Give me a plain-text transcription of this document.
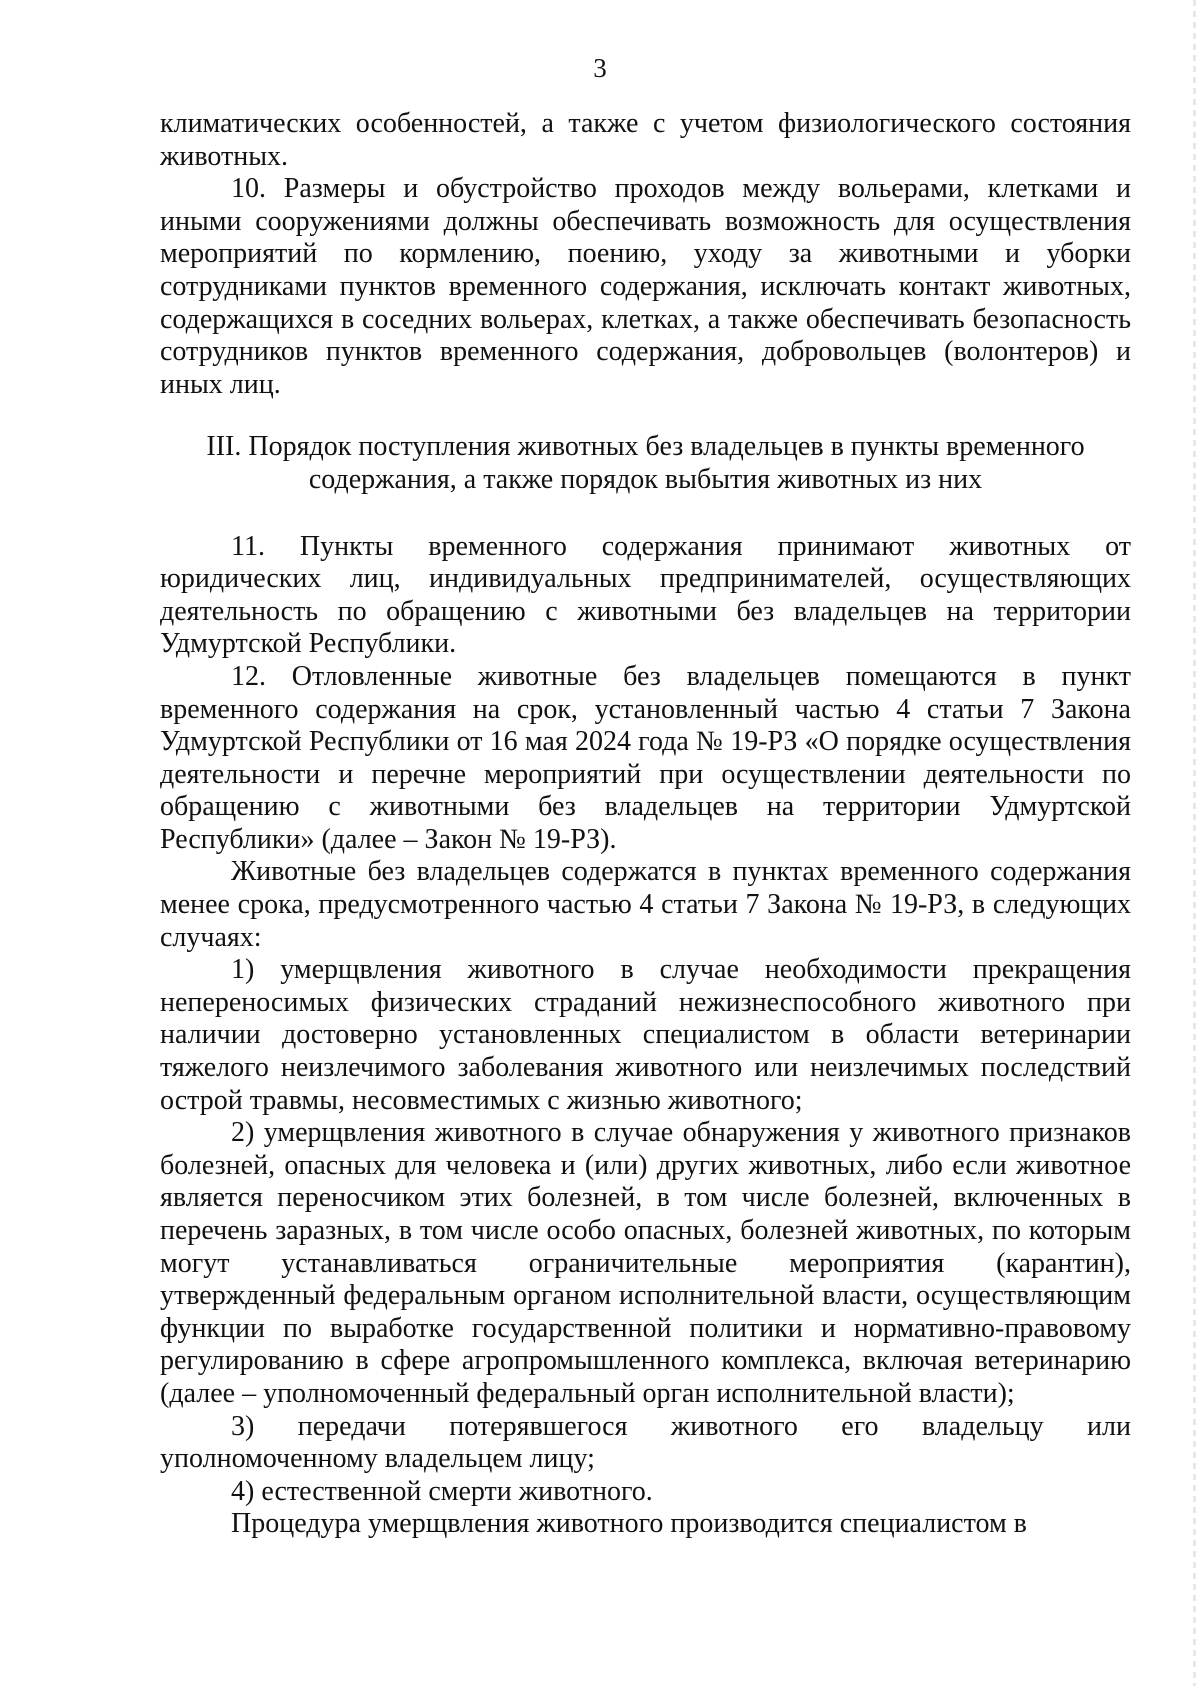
3

климатических особенностей, а также с учетом физиологического состояния животных.

10. Размеры и обустройство проходов между вольерами, клетками и иными сооружениями должны обеспечивать возможность для осуществления мероприятий по кормлению, поению, уходу за животными и уборки сотрудниками пунктов временного содержания, исключать контакт животных, содержащихся в соседних вольерах, клетках, а также обеспечивать безопасность сотрудников пунктов временного содержания, добровольцев (волонтеров) и иных лиц.

III. Порядок поступления животных без владельцев в пункты временного содержания, а также порядок выбытия животных из них

11. Пункты временного содержания принимают животных от юридических лиц, индивидуальных предпринимателей, осуществляющих деятельность по обращению с животными без владельцев на территории Удмуртской Республики.

12. Отловленные животные без владельцев помещаются в пункт временного содержания на срок, установленный частью 4 статьи 7 Закона Удмуртской Республики от 16 мая 2024 года № 19-РЗ «О порядке осуществления деятельности и перечне мероприятий при осуществлении деятельности по обращению с животными без владельцев на территории Удмуртской Республики» (далее – Закон № 19-РЗ).

Животные без владельцев содержатся в пунктах временного содержания менее срока, предусмотренного частью 4 статьи 7 Закона № 19-РЗ, в следующих случаях:

1) умерщвления животного в случае необходимости прекращения непереносимых физических страданий нежизнеспособного животного при наличии достоверно установленных специалистом в области ветеринарии тяжелого неизлечимого заболевания животного или неизлечимых последствий острой травмы, несовместимых с жизнью животного;

2) умерщвления животного в случае обнаружения у животного признаков болезней, опасных для человека и (или) других животных, либо если животное является переносчиком этих болезней, в том числе болезней, включенных в перечень заразных, в том числе особо опасных, болезней животных, по которым могут устанавливаться ограничительные мероприятия (карантин), утвержденный федеральным органом исполнительной власти, осуществляющим функции по выработке государственной политики и нормативно-правовому регулированию в сфере агропромышленного комплекса, включая ветеринарию (далее – уполномоченный федеральный орган исполнительной власти);

3) передачи потерявшегося животного его владельцу или уполномоченному владельцем лицу;

4) естественной смерти животного.

Процедура умерщвления животного производится специалистом в
